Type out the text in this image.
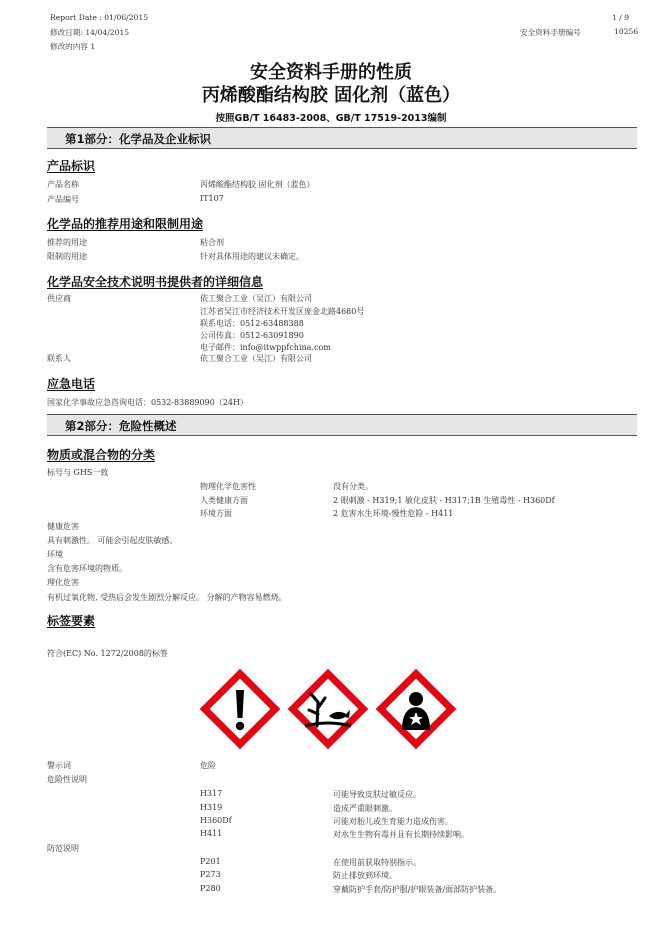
Report Date : 01/06/2015	1 / 9
修改日期: 14/04/2015	安全资料手册编号	10256
修改的内容 1
安全资料手册的性质
丙烯酸酯结构胶 固化剂（蓝色）
按照GB/T 16483-2008、GB/T 17519-2013编制
第1部分：化学品及企业标识
产品标识
产品名称	丙烯酸酯结构胶 固化剂（蓝色）
产品编号	IT107
化学品的推荐用途和限制用途
推荐的用途	粘合剂
限制的用途	针对具体用途的建议未确定。
化学品安全技术说明书提供者的详细信息
供应商	依工聚合工业（吴江）有限公司
江苏省吴江市经济技术开发区庞金北路4680号
联系电话：0512-63488388
公司传真：0512-63091890
电子邮件：info@itwppfchina.com
联系人	依工聚合工业（吴江）有限公司
应急电话
国家化学事故应急咨询电话：0532-83889090（24H）
第2部分：危险性概述
物质或混合物的分类
标号与 GHS一致
物理化学危害性	没有分类。
人类健康方面	2 眼刺激 - H319;1 敏化皮肤 - H317;1B 生殖毒性 - H360Df
环境方面	2 危害水生环境-慢性危险 - H411
健康危害
具有刺激性。 可能会引起皮肤敏感。
环境
含有危害环境的物质。
理化危害
有机过氧化物, 受热后会发生剧烈分解反应。 分解的产物容易燃烧。
标签要素
符合(EC) No. 1272/2008的标签
警示词	危险
危险性说明
H317	可能导致皮肤过敏反应。
H319	造成严重眼刺激。
H360Df	可能对胎儿或生育能力造成伤害。
H411	对水生生物有毒并且有长期持续影响。
防范说明
P201	在使用前获取特别指示。
P273	防止排放到环境。
P280	穿戴防护手套/防护服/护眼装备/面部防护装备。
